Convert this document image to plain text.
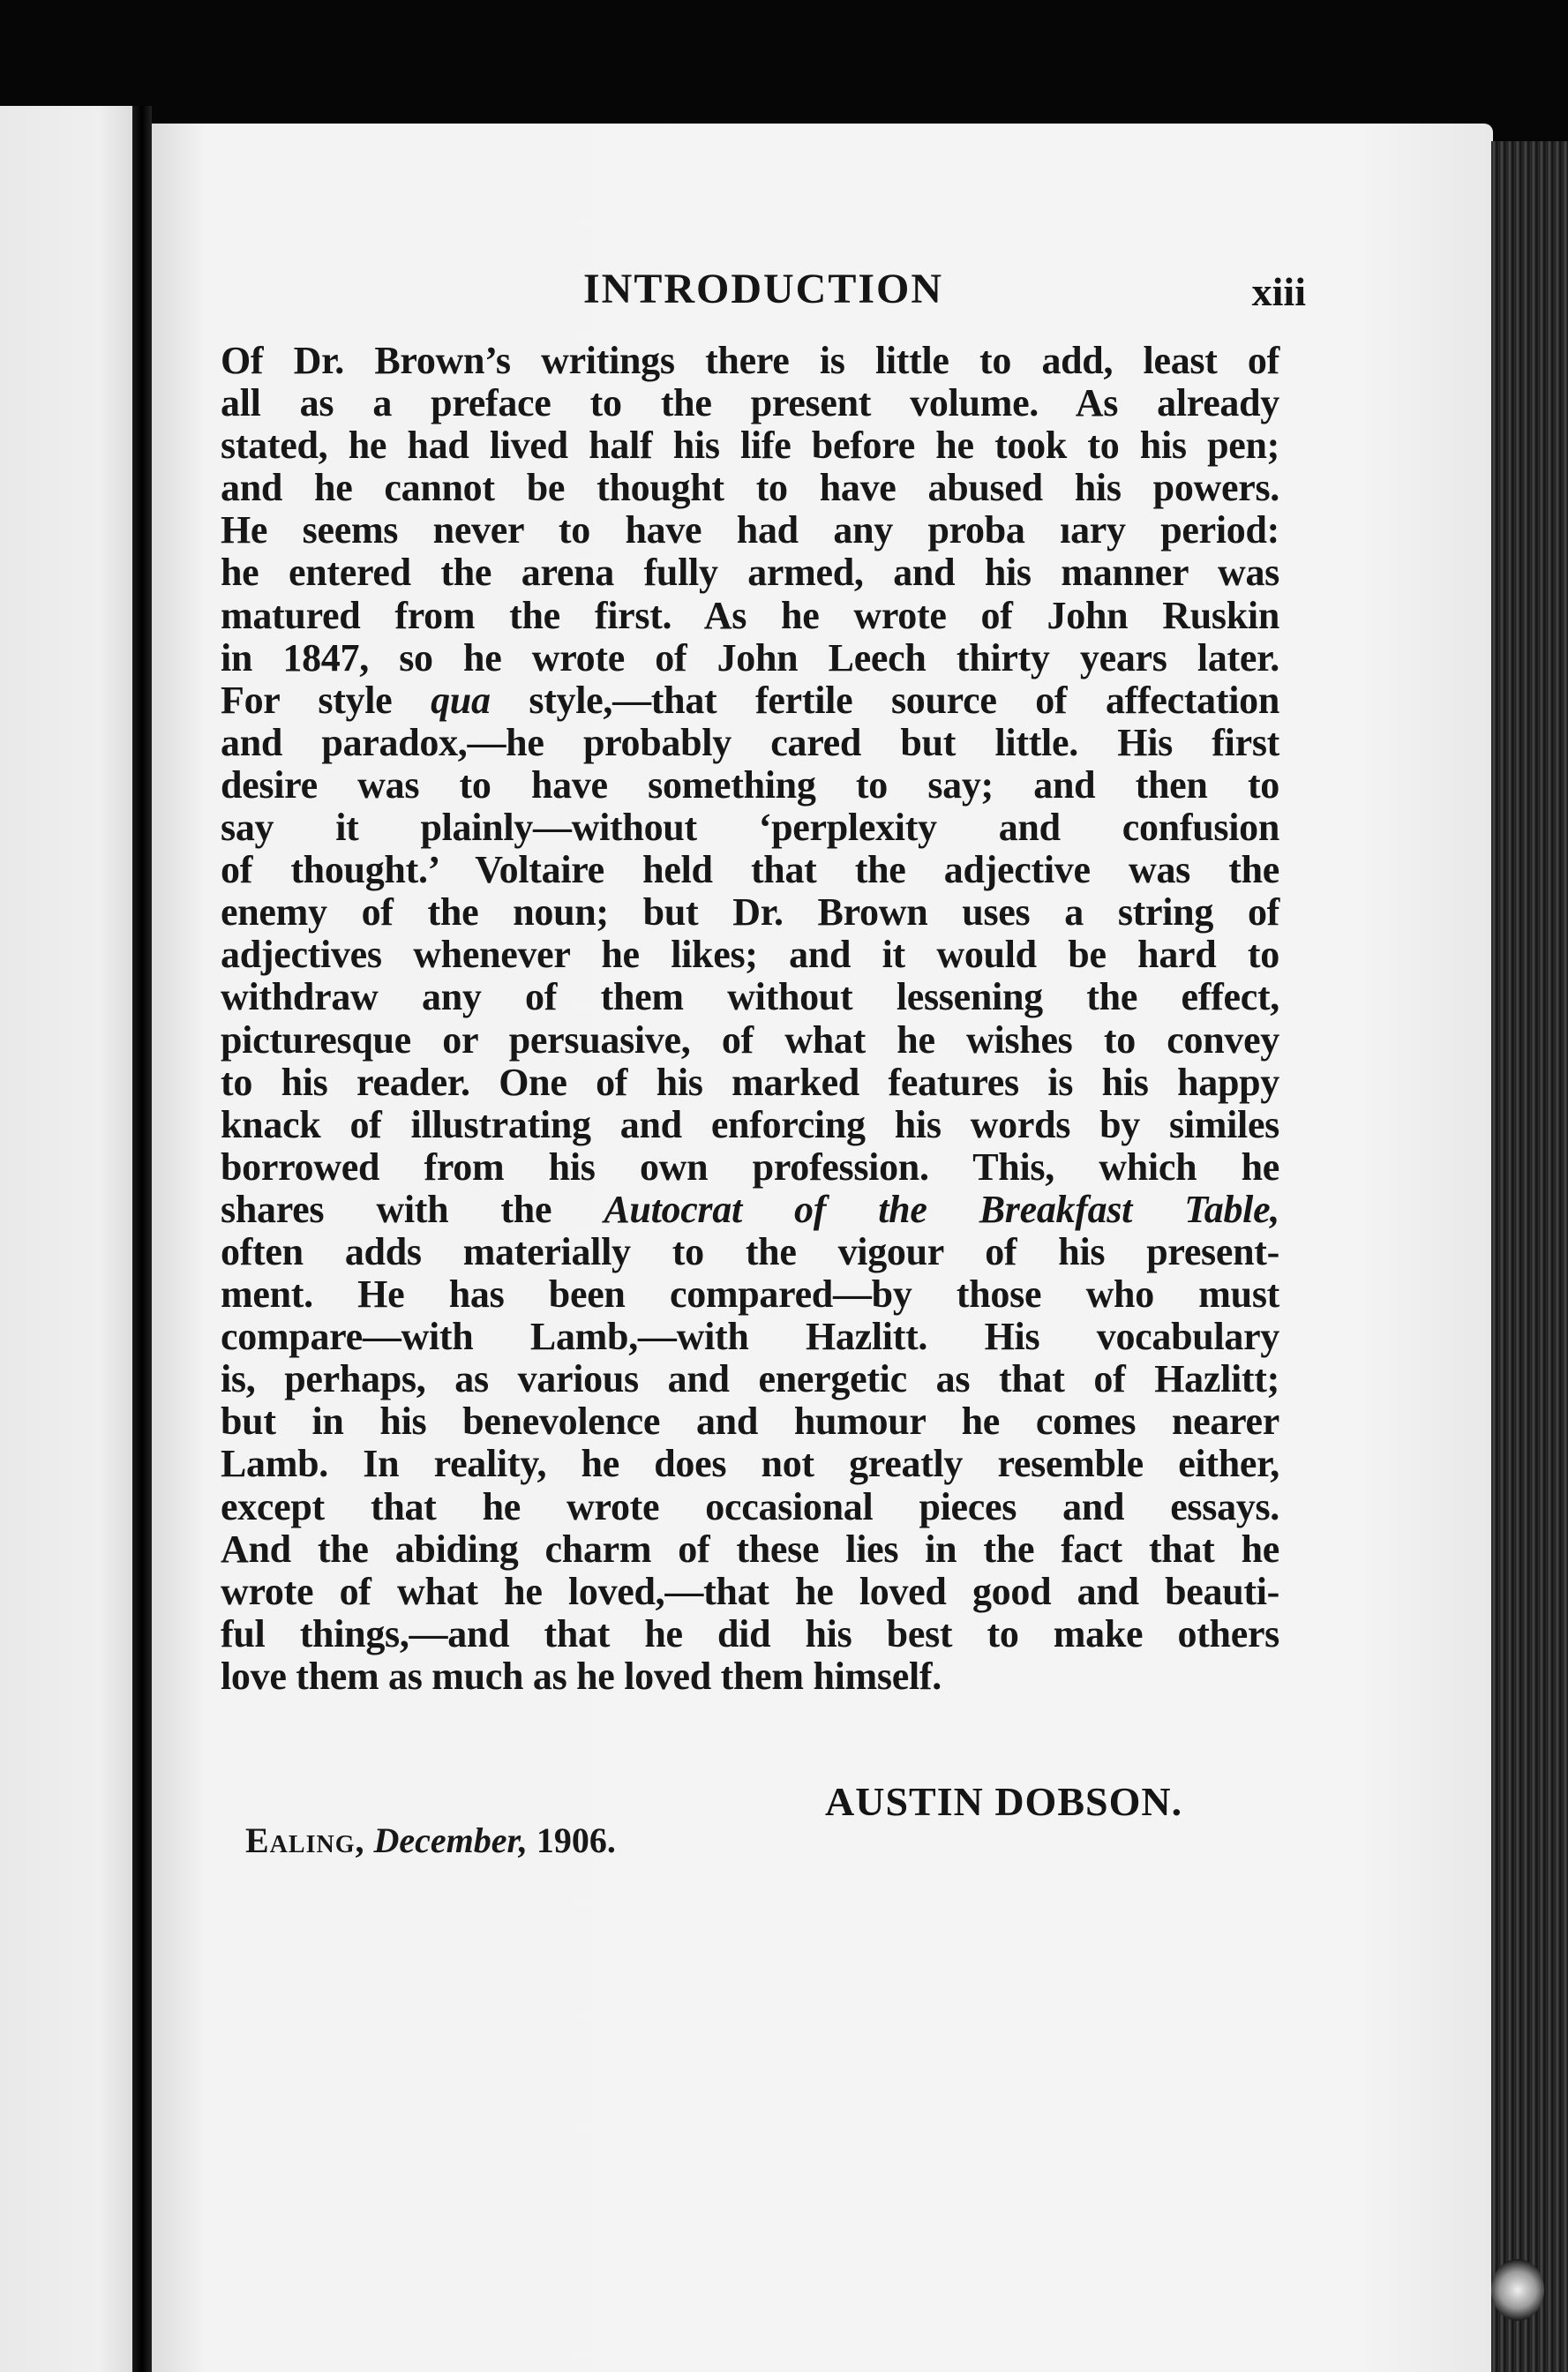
INTRODUCTION	xiii
Of Dr. Brown’s writings there is little to add, least of
all as a preface to the present volume. As already
stated, he had lived half his life before he took to his pen;
and he cannot be thought to have abused his powers.
He seems never to have had any proba ıary period:
he entered the arena fully armed, and his manner was
matured from the first. As he wrote of John Ruskin
in 1847, so he wrote of John Leech thirty years later.
For style qua style,—that fertile source of affectation
and paradox,—he probably cared but little. His first
desire was to have something to say; and then to
say it plainly—without ‘perplexity and confusion
of thought.’ Voltaire held that the adjective was the
enemy of the noun; but Dr. Brown uses a string of
adjectives whenever he likes; and it would be hard to
withdraw any of them without lessening the effect,
picturesque or persuasive, of what he wishes to convey
to his reader. One of his marked features is his happy
knack of illustrating and enforcing his words by similes
borrowed from his own profession. This, which he
shares with the Autocrat of the Breakfast Table,
often adds materially to the vigour of his present-
ment. He has been compared—by those who must
compare—with Lamb,—with Hazlitt. His vocabulary
is, perhaps, as various and energetic as that of Hazlitt;
but in his benevolence and humour he comes nearer
Lamb. In reality, he does not greatly resemble either,
except that he wrote occasional pieces and essays.
And the abiding charm of these lies in the fact that he
wrote of what he loved,—that he loved good and beauti-
ful things,—and that he did his best to make others
love them as much as he loved them himself.
AUSTIN DOBSON.
Ealing, December, 1906.
